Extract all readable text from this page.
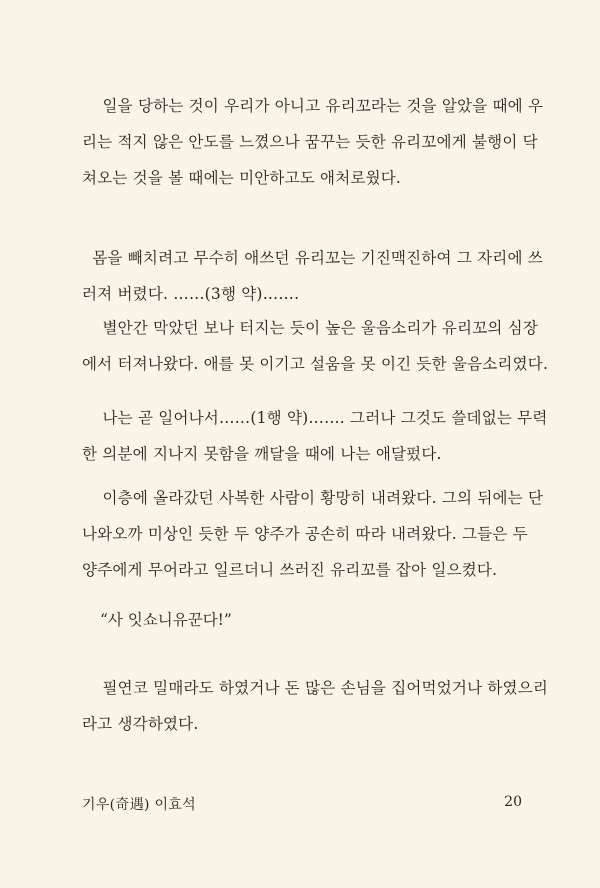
일을 당하는 것이 우리가 아니고 유리꼬라는 것을 알았을 때에 우
리는 적지 않은 안도를 느꼈으나 꿈꾸는 듯한 유리꼬에게 불행이 닥
쳐오는 것을 볼 때에는 미안하고도 애처로웠다.
몸을 빼치려고 무수히 애쓰던 유리꼬는 기진맥진하여 그 자리에 쓰
러져 버렸다. ……(3행 약)…….
별안간 막았던 보나 터지는 듯이 높은 울음소리가 유리꼬의 심장
에서 터져나왔다. 애를 못 이기고 설움을 못 이긴 듯한 울음소리였다.
나는 곧 일어나서……(1행 약)……. 그러나 그것도 쓸데없는 무력
한 의분에 지나지 못함을 깨달을 때에 나는 애달펐다.
이층에 올라갔던 사복한 사람이 황망히 내려왔다. 그의 뒤에는 단
나와오까 미상인 듯한 두 양주가 공손히 따라 내려왔다. 그들은 두
양주에게 무어라고 일르더니 쓰러진 유리꼬를 잡아 일으켰다.
“사 잇쇼니유꾼다!”
필연코 밀매라도 하였거나 돈 많은 손님을 집어먹었거나 하였으리
라고 생각하였다.
기우(奇遇) 이효석	20
